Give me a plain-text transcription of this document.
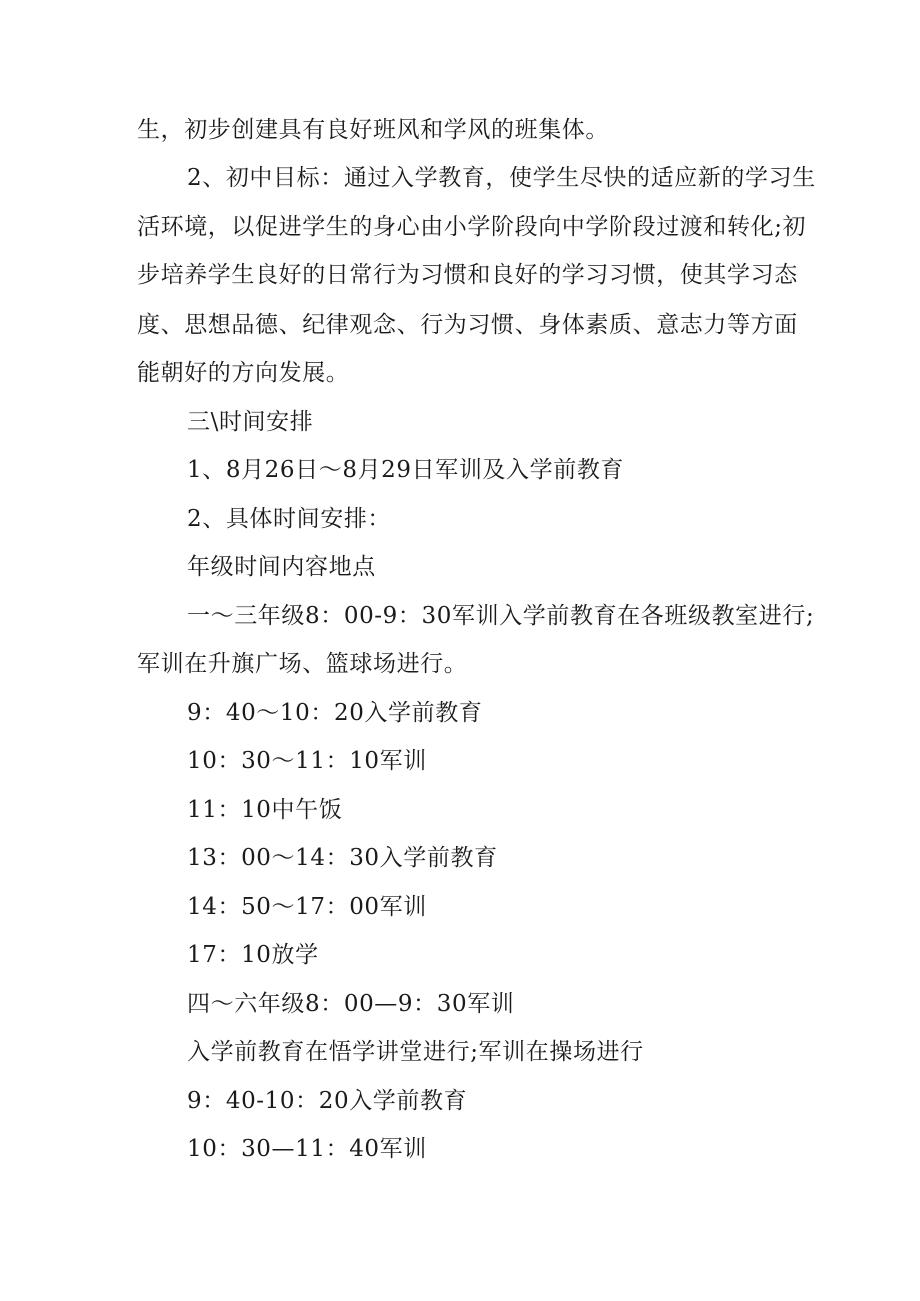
生，初步创建具有良好班风和学风的班集体。
2、初中目标：通过入学教育，使学生尽快的适应新的学习生
活环境，以促进学生的身心由小学阶段向中学阶段过渡和转化;初
步培养学生良好的日常行为习惯和良好的学习习惯，使其学习态
度、思想品德、纪律观念、行为习惯、身体素质、意志力等方面
能朝好的方向发展。
三\时间安排
1、8月26日～8月29日军训及入学前教育
2、具体时间安排：
年级时间内容地点
一～三年级8：00-9：30军训入学前教育在各班级教室进行;
军训在升旗广场、篮球场进行。
9：40～10：20入学前教育
10：30～11：10军训
11：10中午饭
13：00～14：30入学前教育
14：50～17：00军训
17：10放学
四～六年级8：00—9：30军训
入学前教育在悟学讲堂进行;军训在操场进行
9：40-10：20入学前教育
10：30—11：40军训
